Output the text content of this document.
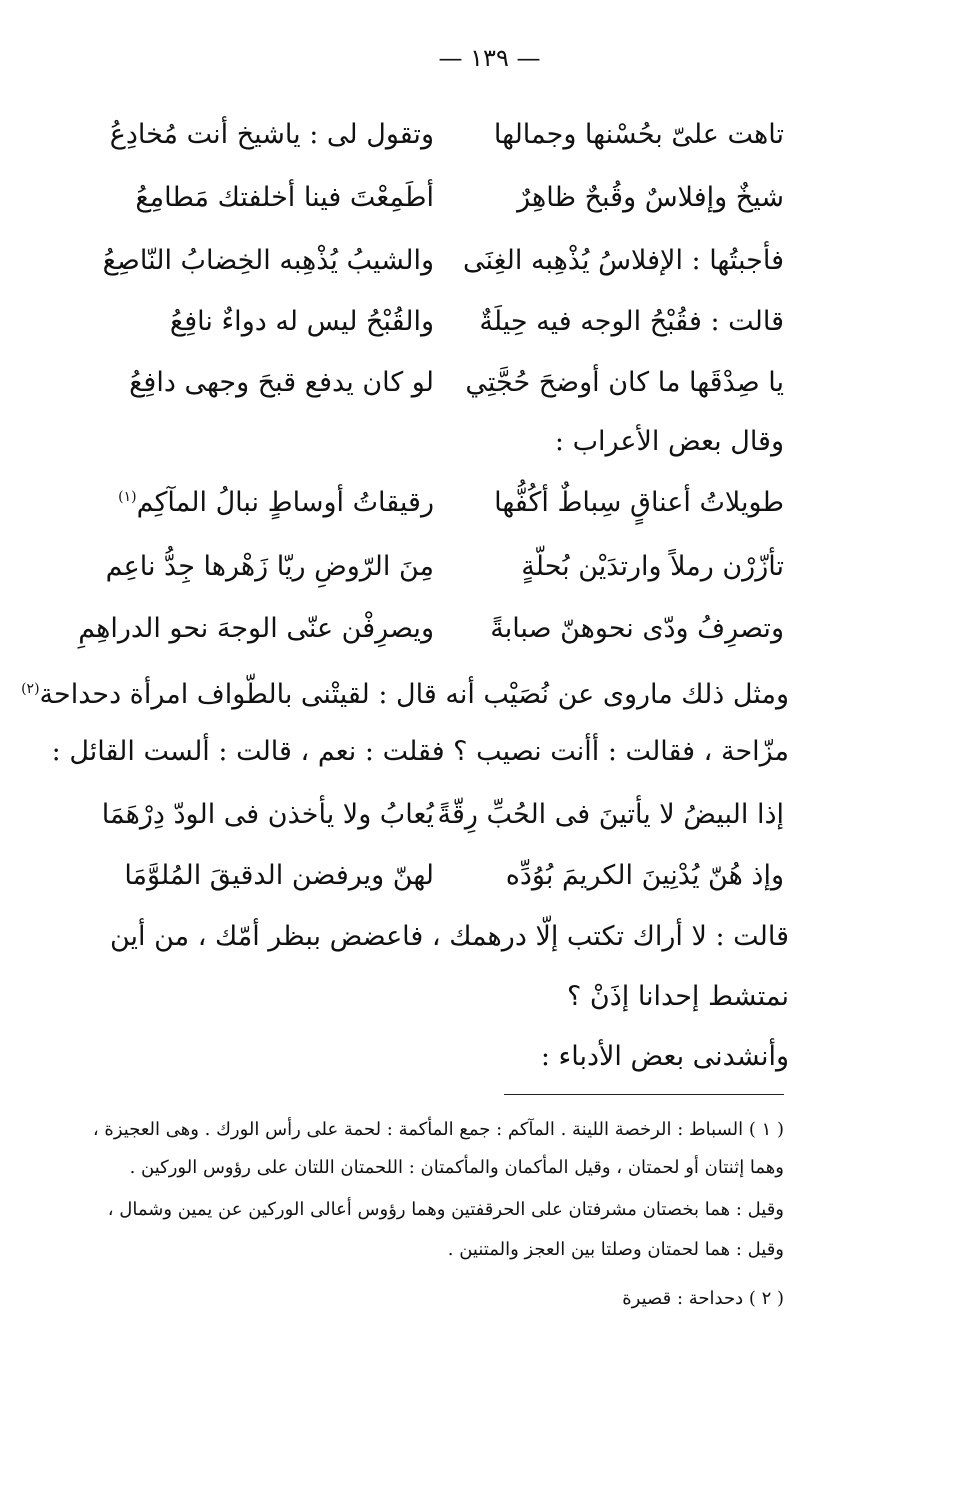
— ١٣٩ —
تاهت علىّ بحُسْنها وجمالها
وتقول لى : ياشيخ أنت مُخادِعُ
شيخٌ وإفلاسٌ وقُبحٌ ظاهِرٌ
أطَمِعْتَ فينا أخلفتك مَطامِعُ
فأجبتُها : الإفلاسُ يُذْهِبه الغِنَى
والشيبُ يُذْهِبه الخِضابُ النّاصِعُ
قالت : فقُبْحُ الوجه فيه حِيلَةٌ
والقُبْحُ ليس له دواءٌ نافِعُ
يا صِدْقَها ما كان أوضحَ حُجَّتِي
لو كان يدفع قبحَ وجهى دافِعُ
وقال بعض الأعراب :
طويلاتُ أعناقٍ سِباطٌ أكُفُّها
رقيقاتُ أوساطٍ نبالُ المآكِم$^{(١)}$
تأزّرْن رملاً وارتدَيْن بُحلّةٍ
مِنَ الرّوضِ ريّا زَهْرها جِدُّ ناعِم
وتصرِفُ ودّى نحوهنّ صبابةً
ويصرِفْن عنّى الوجهَ نحو الدراهِمِ
ومثل ذلك ماروى عن نُصَيْب أنه قال : لقيتْنى بالطّواف امرأة دحداحة$^{(٢)}$
مزّاحة ، فقالت : أأنت نصيب ؟ فقلت : نعم ، قالت : ألست القائل :
إذا البيضُ لا يأتينَ فى الحُبِّ رِقّةً
يُعابُ ولا يأخذن فى الودّ دِرْهَمَا
وإذ هُنّ يُدْنِينَ الكريمَ بُوُدِّه
لهنّ ويرفضن الدقيقَ المُلوَّمَا
قالت : لا أراك تكتب إلّا درهمك ، فاعضض ببظر أمّك ، من أين
نمتشط إحدانا إذَنْ ؟
وأنشدنى بعض الأدباء :
( ١ ) السباط : الرخصة اللينة . المآكم : جمع المأكمة : لحمة على رأس الورك . وهى العجيزة ،
وهما إثنتان أو لحمتان ، وقيل المأكمان والمأكمتان : اللحمتان اللتان على رؤوس الوركين .
وقيل : هما بخصتان مشرفتان على الحرقفتين وهما رؤوس أعالى الوركين عن يمين وشمال ،
وقيل : هما لحمتان وصلتا بين العجز والمتنين .
( ٢ ) دحداحة : قصيرة
